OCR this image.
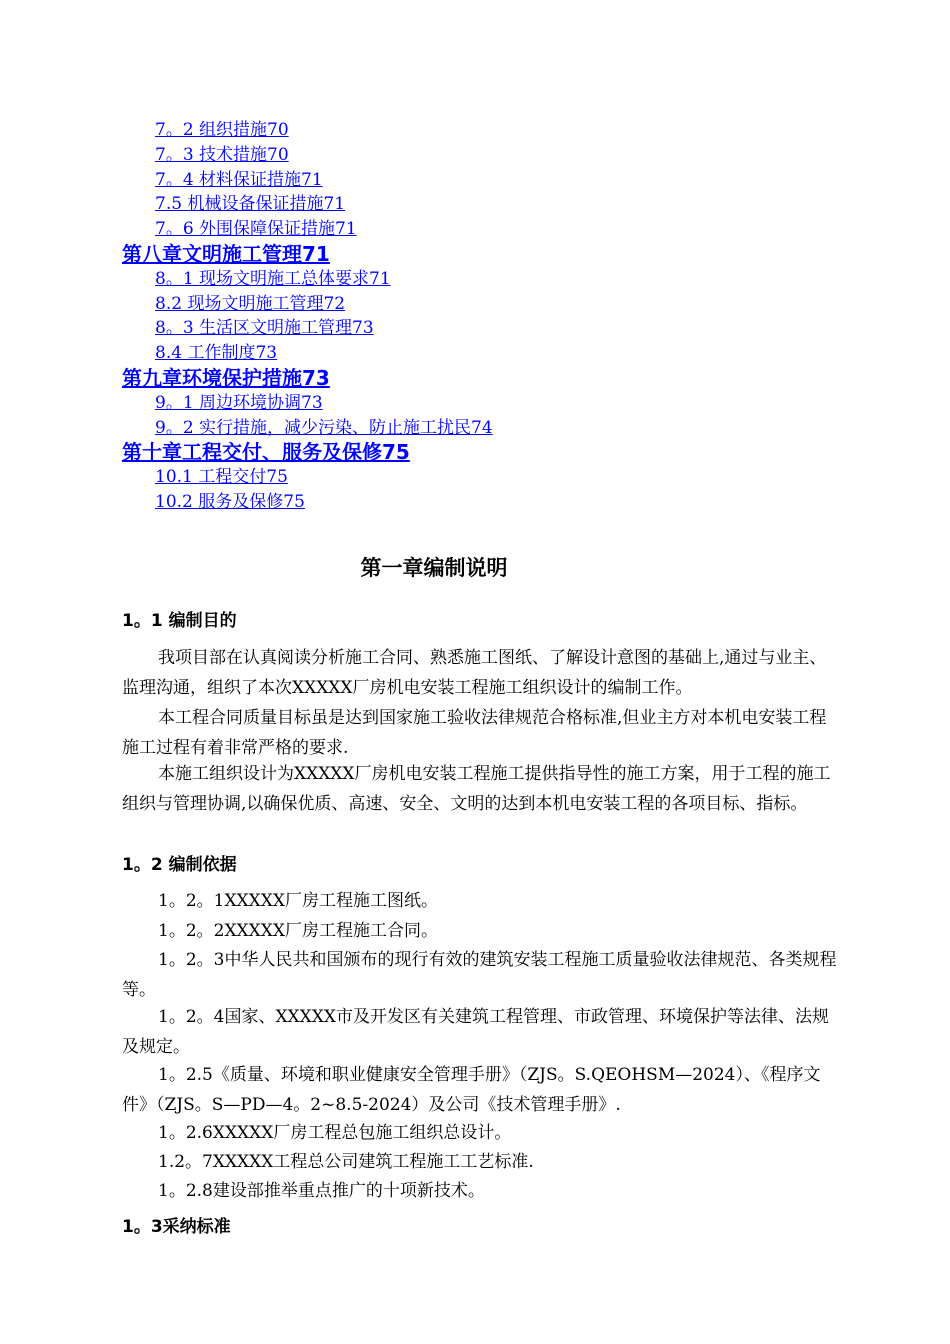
7。2 组织措施70
7。3 技术措施70
7。4 材料保证措施71
7.5 机械设备保证措施71
7。6 外围保障保证措施71
第八章文明施工管理71
8。1 现场文明施工总体要求71
8.2 现场文明施工管理72
8。3 生活区文明施工管理73
8.4 工作制度73
第九章环境保护措施73
9。1 周边环境协调73
9。2 实行措施，减少污染、防止施工扰民74
第十章工程交付、服务及保修75
10.1 工程交付75
10.2 服务及保修75
第一章编制说明
1。1 编制目的

我项目部在认真阅读分析施工合同、熟悉施工图纸、了解设计意图的基础上,通过与业主、监理沟通，组织了本次XXXXX厂房机电安装工程施工组织设计的编制工作。

本工程合同质量目标虽是达到国家施工验收法律规范合格标准,但业主方对本机电安装工程施工过程有着非常严格的要求.

本施工组织设计为XXXXX厂房机电安装工程施工提供指导性的施工方案，用于工程的施工组织与管理协调,以确保优质、高速、安全、文明的达到本机电安装工程的各项目标、指标。

1。2 编制依据

1。2。1XXXXX厂房工程施工图纸。

1。2。2XXXXX厂房工程施工合同。

1。2。3中华人民共和国颁布的现行有效的建筑安装工程施工质量验收法律规范、各类规程等。

1。2。4国家、XXXXX市及开发区有关建筑工程管理、市政管理、环境保护等法律、法规及规定。

1。2.5《质量、环境和职业健康安全管理手册》（ZJS。S.QEOHSM—2024）、《程序文件》（ZJS。S—PD—4。2~8.5-2024）及公司《技术管理手册》.

1。2.6XXXXX厂房工程总包施工组织总设计。

1.2。7XXXXX工程总公司建筑工程施工工艺标准.

1。2.8建设部推举重点推广的十项新技术。

1。3采纳标准
